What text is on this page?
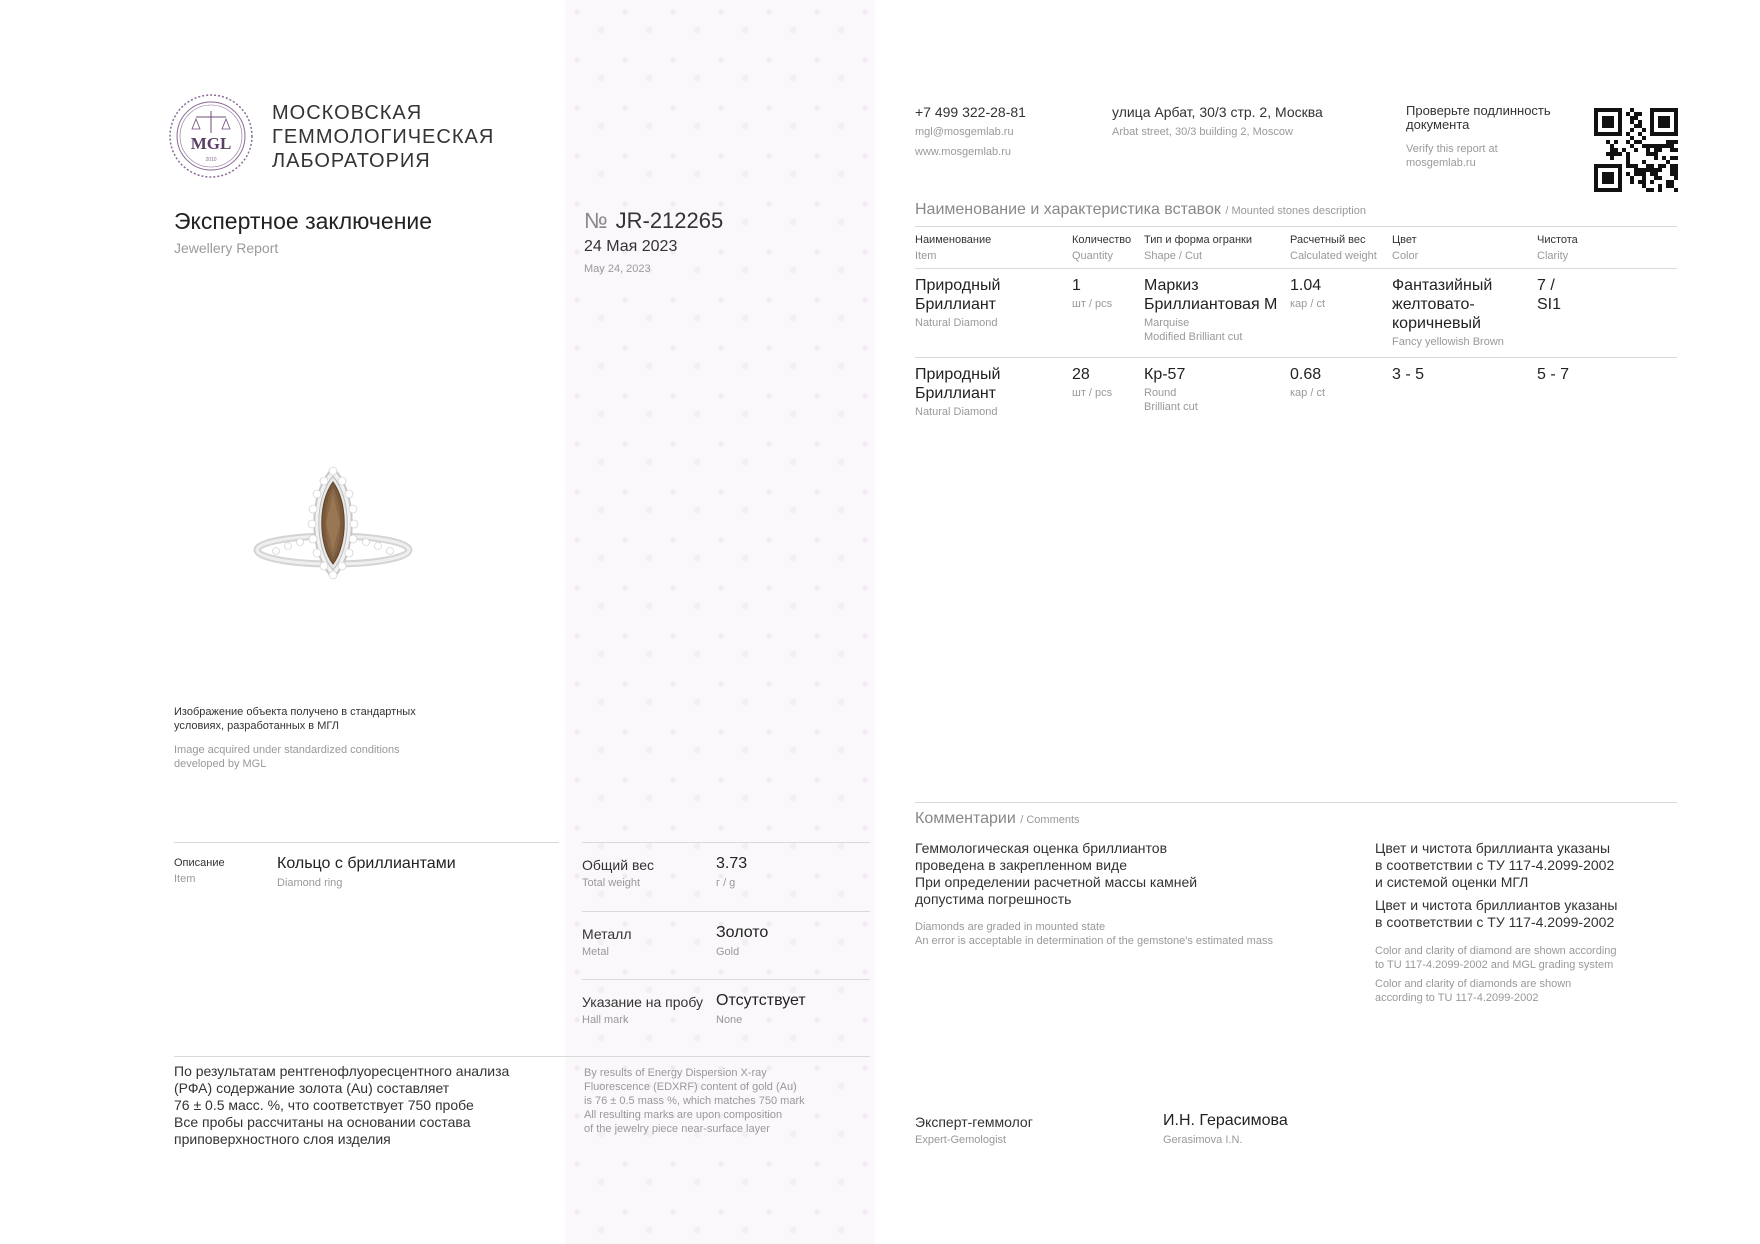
MGL
2010
МОСКОВСКАЯ
ГЕММОЛОГИЧЕСКАЯ
ЛАБОРАТОРИЯ
Экспертное заключение
Jewellery Report
№ JR-212265
24 Мая 2023
May 24, 2023
+7 499 322-28-81
mgl@mosgemlab.ru
www.mosgemlab.ru
улица Арбат, 30/3 стр. 2, Москва
Arbat street, 30/3 building 2, Moscow
Проверьте подлинность документа
Verify this report at mosgemlab.ru
Наименование и характеристика вставок / Mounted stones description
Наименование
Item
Количество
Quantity
Тип и форма огранки
Shape / Cut
Расчетный вес
Calculated weight
Цвет
Color
Чистота
Clarity
Природный Бриллиант
Natural Diamond
1
шт / pcs
Маркиз Бриллиантовая М
Marquise
Modified Brilliant cut
1.04
кар / ct
Фантазийный желтовато-коричневый
Fancy yellowish Brown
7 / SI1
Природный Бриллиант
Natural Diamond
28
шт / pcs
Кр-57
Round
Brilliant cut
0.68
кар / ct
3 - 5	5 - 7
Изображение объекта получено в стандартных
условиях, разработанных в МГЛ
Image acquired under standardized conditions
developed by MGL
Описание
Item
Кольцо с бриллиантами
Diamond ring
Общий вес
Total weight
3.73
г / g
Металл
Metal
Золото
Gold
Указание на пробу
Hall mark
Отсутствует
None
По результатам рентгенофлуоресцентного анализа
(РФА) содержание золота (Au) составляет
76 ± 0.5 масс. %, что соответствует 750 пробе
Все пробы рассчитаны на основании состава
приповерхностного слоя изделия
By results of Energy Dispersion X-ray
Fluorescence (EDXRF) content of gold (Au)
is 76 ± 0.5 mass %, which matches 750 mark
All resulting marks are upon composition
of the jewelry piece near-surface layer
Комментарии / Comments
Геммологическая оценка бриллиантов
проведена в закрепленном виде
При определении расчетной массы камней
допустима погрешность
Diamonds are graded in mounted state
An error is acceptable in determination of the gemstone's estimated mass
Цвет и чистота бриллианта указаны
в соответствии с ТУ 117-4.2099-2002
и системой оценки МГЛ
Цвет и чистота бриллиантов указаны
в соответствии с ТУ 117-4.2099-2002
Color and clarity of diamond are shown according
to TU 117-4.2099-2002 and MGL grading system
Color and clarity of diamonds are shown
according to TU 117-4.2099-2002
Эксперт-геммолог
Expert-Gemologist
И.Н. Герасимова
Gerasimova I.N.
